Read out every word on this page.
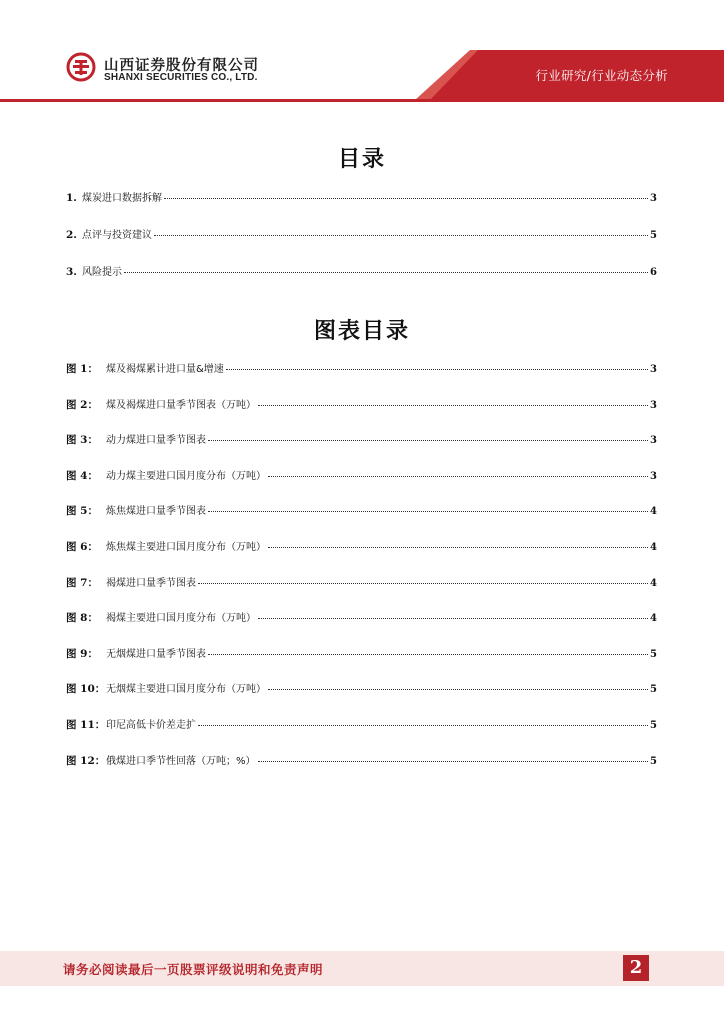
山西证券股份有限公司
SHANXI SECURITIES CO., LTD.	行业研究/行业动态分析
目录
1. 煤炭进口数据拆解	3
2. 点评与投资建议	5
3. 风险提示	6
图表目录
图 1： 煤及褐煤累计进口量&增速	3
图 2： 煤及褐煤进口量季节图表（万吨）	3
图 3： 动力煤进口量季节图表	3
图 4： 动力煤主要进口国月度分布（万吨）	3
图 5： 炼焦煤进口量季节图表	4
图 6： 炼焦煤主要进口国月度分布（万吨）	4
图 7： 褐煤进口量季节图表	4
图 8： 褐煤主要进口国月度分布（万吨）	4
图 9： 无烟煤进口量季节图表	5
图 10： 无烟煤主要进口国月度分布（万吨）	5
图 11： 印尼高低卡价差走扩	5
图 12： 俄煤进口季节性回落（万吨；%）	5
请务必阅读最后一页股票评级说明和免责声明	2
